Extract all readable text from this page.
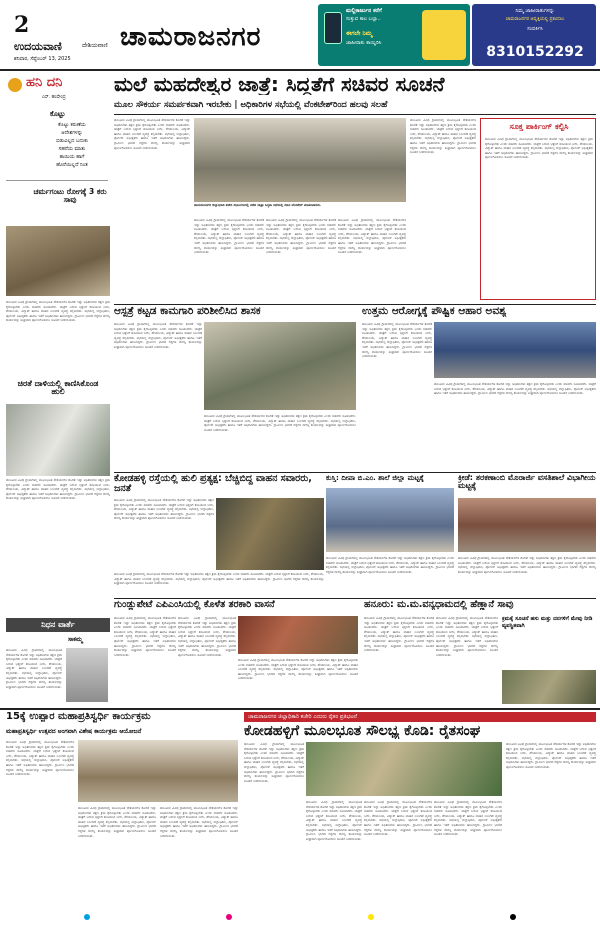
2
ಉದಯವಾಣಿ	ದೇಶಿಯವಾಣಿ
ಶನಿವಾರ, ಸೆಪ್ಟೆಂಬರ್ 13, 2025
ಚಾಮರಾಜನಗರ
ಮಲ್ಲಿಕಾರ್ಜುನ ಕರೆಗೆ
ಸುತ್ತುವ ಕಾಲ ಬಲ್ಲಾ..
ಈಗಲೇ ನಿಮ್ಮ
ಜಾಹೀರಾತು ಕಾಯ್ದಿರಿಸಿ
ನಿಮ್ಮ ಜಾಹೀರಾತುಗಳನ್ನು
ಚಾಮರಾಜನಗರ ಆವೃತ್ತಿಯಲ್ಲಿ ಪ್ರಕಟಿಸಲು
ಸಂಪರ್ಕಿಸಿ
8310152292
ಹನಿ ದನಿ
ಎಸ್. ಹಂಸೇಂದ್ರ
ಕೊಟ್ಟು
ಕೊಟ್ಟು ಕರುಣೆಯ
ಆದೇಶಗಳನ್ನು
ಬಿಡುವಿಲ್ಲದ ಬದುಕು
ಸಹನೆಯ ಮಾತು
ತಾಯಿಯ ಹಾಗೆ
ಹೊರೆಯಿಲ್ಲದೆ ನಿಂತ
ಚರ್ಮಗಂಟು ರೋಗಕ್ಕೆ 3 ಕರು ಸಾವು
ತಾಲೂಕಿನ ವಿವಿಧ ಗ್ರಾಮಗಳಲ್ಲಿ ಮೂಲಭೂತ ಸೌಕರ್ಯಗಳ ಕೊರತೆ ಇದ್ದು ಅಧಿಕಾರಿಗಳು ತಕ್ಷಣ ಕ್ರಮ ಕೈಗೊಳ್ಳಬೇಕು ಎಂದು ಸಚಿವರು ಸೂಚಿಸಿದರು. ಜಾತ್ರೆಗೆ ಬರುವ ಭಕ್ತರಿಗೆ ಕುಡಿಯುವ ನೀರು, ಶೌಚಾಲಯ, ವಿದ್ಯುತ್ ಹಾಗೂ ವಾಹನ ನಿಲುಗಡೆ ವ್ಯವಸ್ಥೆ ಕಲ್ಪಿಸಬೇಕು. ಸಭೆಯಲ್ಲಿ ಜಿಲ್ಲಾಧಿಕಾರಿ, ಪೊಲೀಸ್ ಅಧೀಕ್ಷಕರು ಹಾಗೂ ಇತರೆ ಅಧಿಕಾರಿಗಳು ಹಾಜರಿದ್ದರು. ಗ್ರಾಮೀಣ ಭಾಗದ ರಸ್ತೆಗಳ ದುರಸ್ತಿ ಕಾರ್ಯವನ್ನು ಶೀಘ್ರವಾಗಿ ಪೂರ್ಣಗೊಳಿಸಲು ಸೂಚನೆ ನೀಡಲಾಯಿತು.
ಚಿರತೆ ದಾಳಿಯಲ್ಲಿ ಕಾಣಿಸಿಕೊಂಡ ಹುಲಿ
ತಾಲೂಕಿನ ವಿವಿಧ ಗ್ರಾಮಗಳಲ್ಲಿ ಮೂಲಭೂತ ಸೌಕರ್ಯಗಳ ಕೊರತೆ ಇದ್ದು ಅಧಿಕಾರಿಗಳು ತಕ್ಷಣ ಕ್ರಮ ಕೈಗೊಳ್ಳಬೇಕು ಎಂದು ಸಚಿವರು ಸೂಚಿಸಿದರು. ಜಾತ್ರೆಗೆ ಬರುವ ಭಕ್ತರಿಗೆ ಕುಡಿಯುವ ನೀರು, ಶೌಚಾಲಯ, ವಿದ್ಯುತ್ ಹಾಗೂ ವಾಹನ ನಿಲುಗಡೆ ವ್ಯವಸ್ಥೆ ಕಲ್ಪಿಸಬೇಕು. ಸಭೆಯಲ್ಲಿ ಜಿಲ್ಲಾಧಿಕಾರಿ, ಪೊಲೀಸ್ ಅಧೀಕ್ಷಕರು ಹಾಗೂ ಇತರೆ ಅಧಿಕಾರಿಗಳು ಹಾಜರಿದ್ದರು. ಗ್ರಾಮೀಣ ಭಾಗದ ರಸ್ತೆಗಳ ದುರಸ್ತಿ ಕಾರ್ಯವನ್ನು ಶೀಘ್ರವಾಗಿ ಪೂರ್ಣಗೊಳಿಸಲು ಸೂಚನೆ ನೀಡಲಾಯಿತು.
ನಿಧನ ವಾರ್ತೆ
ಸಾಕಮ್ಮ
ತಾಲೂಕಿನ ವಿವಿಧ ಗ್ರಾಮಗಳಲ್ಲಿ ಮೂಲಭೂತ ಸೌಕರ್ಯಗಳ ಕೊರತೆ ಇದ್ದು ಅಧಿಕಾರಿಗಳು ತಕ್ಷಣ ಕ್ರಮ ಕೈಗೊಳ್ಳಬೇಕು ಎಂದು ಸಚಿವರು ಸೂಚಿಸಿದರು. ಜಾತ್ರೆಗೆ ಬರುವ ಭಕ್ತರಿಗೆ ಕುಡಿಯುವ ನೀರು, ಶೌಚಾಲಯ, ವಿದ್ಯುತ್ ಹಾಗೂ ವಾಹನ ನಿಲುಗಡೆ ವ್ಯವಸ್ಥೆ ಕಲ್ಪಿಸಬೇಕು. ಸಭೆಯಲ್ಲಿ ಜಿಲ್ಲಾಧಿಕಾರಿ, ಪೊಲೀಸ್ ಅಧೀಕ್ಷಕರು ಹಾಗೂ ಇತರೆ ಅಧಿಕಾರಿಗಳು ಹಾಜರಿದ್ದರು. ಗ್ರಾಮೀಣ ಭಾಗದ ರಸ್ತೆಗಳ ದುರಸ್ತಿ ಕಾರ್ಯವನ್ನು ಶೀಘ್ರವಾಗಿ ಪೂರ್ಣಗೊಳಿಸಲು ಸೂಚನೆ ನೀಡಲಾಯಿತು.
ಮಲೆ ಮಹದೇಶ್ವರ ಜಾತ್ರೆ: ಸಿದ್ಧತೆಗೆ ಸಚಿವರ ಸೂಚನೆ
ಮೂಲ ಸೌಕರ್ಯ ಸಮರ್ಪಕವಾಗಿ ಇರಬೇಕು | ಅಧಿಕಾರಿಗಳ ಸಭೆಯಲ್ಲಿ ವೆಂಕಟೇಶ್‌ರಿಂದ ಹಲವು ಸಲಹೆ
ತಾಲೂಕಿನ ವಿವಿಧ ಗ್ರಾಮಗಳಲ್ಲಿ ಮೂಲಭೂತ ಸೌಕರ್ಯಗಳ ಕೊರತೆ ಇದ್ದು ಅಧಿಕಾರಿಗಳು ತಕ್ಷಣ ಕ್ರಮ ಕೈಗೊಳ್ಳಬೇಕು ಎಂದು ಸಚಿವರು ಸೂಚಿಸಿದರು. ಜಾತ್ರೆಗೆ ಬರುವ ಭಕ್ತರಿಗೆ ಕುಡಿಯುವ ನೀರು, ಶೌಚಾಲಯ, ವಿದ್ಯುತ್ ಹಾಗೂ ವಾಹನ ನಿಲುಗಡೆ ವ್ಯವಸ್ಥೆ ಕಲ್ಪಿಸಬೇಕು. ಸಭೆಯಲ್ಲಿ ಜಿಲ್ಲಾಧಿಕಾರಿ, ಪೊಲೀಸ್ ಅಧೀಕ್ಷಕರು ಹಾಗೂ ಇತರೆ ಅಧಿಕಾರಿಗಳು ಹಾಜರಿದ್ದರು. ಗ್ರಾಮೀಣ ಭಾಗದ ರಸ್ತೆಗಳ ದುರಸ್ತಿ ಕಾರ್ಯವನ್ನು ಶೀಘ್ರವಾಗಿ ಪೂರ್ಣಗೊಳಿಸಲು ಸೂಚನೆ ನೀಡಲಾಯಿತು.
ಚಾಮರಾಜನಗರ ಜಿಲ್ಲಾಧಿಕಾರಿ ಕಚೇರಿ ಸಭಾಂಗಣದಲ್ಲಿ ನಡೆದ ಜಾತ್ರಾ ಸಿದ್ಧತಾ ಸಭೆಯಲ್ಲಿ ಸಚಿವ ವೆಂಕಟೇಶ್ ಮಾತನಾಡಿದರು.
ತಾಲೂಕಿನ ವಿವಿಧ ಗ್ರಾಮಗಳಲ್ಲಿ ಮೂಲಭೂತ ಸೌಕರ್ಯಗಳ ಕೊರತೆ ಇದ್ದು ಅಧಿಕಾರಿಗಳು ತಕ್ಷಣ ಕ್ರಮ ಕೈಗೊಳ್ಳಬೇಕು ಎಂದು ಸಚಿವರು ಸೂಚಿಸಿದರು. ಜಾತ್ರೆಗೆ ಬರುವ ಭಕ್ತರಿಗೆ ಕುಡಿಯುವ ನೀರು, ಶೌಚಾಲಯ, ವಿದ್ಯುತ್ ಹಾಗೂ ವಾಹನ ನಿಲುಗಡೆ ವ್ಯವಸ್ಥೆ ಕಲ್ಪಿಸಬೇಕು. ಸಭೆಯಲ್ಲಿ ಜಿಲ್ಲಾಧಿಕಾರಿ, ಪೊಲೀಸ್ ಅಧೀಕ್ಷಕರು ಹಾಗೂ ಇತರೆ ಅಧಿಕಾರಿಗಳು ಹಾಜರಿದ್ದರು. ಗ್ರಾಮೀಣ ಭಾಗದ ರಸ್ತೆಗಳ ದುರಸ್ತಿ ಕಾರ್ಯವನ್ನು ಶೀಘ್ರವಾಗಿ ಪೂರ್ಣಗೊಳಿಸಲು ಸೂಚನೆ ನೀಡಲಾಯಿತು.
ತಾಲೂಕಿನ ವಿವಿಧ ಗ್ರಾಮಗಳಲ್ಲಿ ಮೂಲಭೂತ ಸೌಕರ್ಯಗಳ ಕೊರತೆ ಇದ್ದು ಅಧಿಕಾರಿಗಳು ತಕ್ಷಣ ಕ್ರಮ ಕೈಗೊಳ್ಳಬೇಕು ಎಂದು ಸಚಿವರು ಸೂಚಿಸಿದರು. ಜಾತ್ರೆಗೆ ಬರುವ ಭಕ್ತರಿಗೆ ಕುಡಿಯುವ ನೀರು, ಶೌಚಾಲಯ, ವಿದ್ಯುತ್ ಹಾಗೂ ವಾಹನ ನಿಲುಗಡೆ ವ್ಯವಸ್ಥೆ ಕಲ್ಪಿಸಬೇಕು. ಸಭೆಯಲ್ಲಿ ಜಿಲ್ಲಾಧಿಕಾರಿ, ಪೊಲೀಸ್ ಅಧೀಕ್ಷಕರು ಹಾಗೂ ಇತರೆ ಅಧಿಕಾರಿಗಳು ಹಾಜರಿದ್ದರು. ಗ್ರಾಮೀಣ ಭಾಗದ ರಸ್ತೆಗಳ ದುರಸ್ತಿ ಕಾರ್ಯವನ್ನು ಶೀಘ್ರವಾಗಿ ಪೂರ್ಣಗೊಳಿಸಲು ಸೂಚನೆ ನೀಡಲಾಯಿತು.
ತಾಲೂಕಿನ ವಿವಿಧ ಗ್ರಾಮಗಳಲ್ಲಿ ಮೂಲಭೂತ ಸೌಕರ್ಯಗಳ ಕೊರತೆ ಇದ್ದು ಅಧಿಕಾರಿಗಳು ತಕ್ಷಣ ಕ್ರಮ ಕೈಗೊಳ್ಳಬೇಕು ಎಂದು ಸಚಿವರು ಸೂಚಿಸಿದರು. ಜಾತ್ರೆಗೆ ಬರುವ ಭಕ್ತರಿಗೆ ಕುಡಿಯುವ ನೀರು, ಶೌಚಾಲಯ, ವಿದ್ಯುತ್ ಹಾಗೂ ವಾಹನ ನಿಲುಗಡೆ ವ್ಯವಸ್ಥೆ ಕಲ್ಪಿಸಬೇಕು. ಸಭೆಯಲ್ಲಿ ಜಿಲ್ಲಾಧಿಕಾರಿ, ಪೊಲೀಸ್ ಅಧೀಕ್ಷಕರು ಹಾಗೂ ಇತರೆ ಅಧಿಕಾರಿಗಳು ಹಾಜರಿದ್ದರು. ಗ್ರಾಮೀಣ ಭಾಗದ ರಸ್ತೆಗಳ ದುರಸ್ತಿ ಕಾರ್ಯವನ್ನು ಶೀಘ್ರವಾಗಿ ಪೂರ್ಣಗೊಳಿಸಲು ಸೂಚನೆ ನೀಡಲಾಯಿತು.
ತಾಲೂಕಿನ ವಿವಿಧ ಗ್ರಾಮಗಳಲ್ಲಿ ಮೂಲಭೂತ ಸೌಕರ್ಯಗಳ ಕೊರತೆ ಇದ್ದು ಅಧಿಕಾರಿಗಳು ತಕ್ಷಣ ಕ್ರಮ ಕೈಗೊಳ್ಳಬೇಕು ಎಂದು ಸಚಿವರು ಸೂಚಿಸಿದರು. ಜಾತ್ರೆಗೆ ಬರುವ ಭಕ್ತರಿಗೆ ಕುಡಿಯುವ ನೀರು, ಶೌಚಾಲಯ, ವಿದ್ಯುತ್ ಹಾಗೂ ವಾಹನ ನಿಲುಗಡೆ ವ್ಯವಸ್ಥೆ ಕಲ್ಪಿಸಬೇಕು. ಸಭೆಯಲ್ಲಿ ಜಿಲ್ಲಾಧಿಕಾರಿ, ಪೊಲೀಸ್ ಅಧೀಕ್ಷಕರು ಹಾಗೂ ಇತರೆ ಅಧಿಕಾರಿಗಳು ಹಾಜರಿದ್ದರು. ಗ್ರಾಮೀಣ ಭಾಗದ ರಸ್ತೆಗಳ ದುರಸ್ತಿ ಕಾರ್ಯವನ್ನು ಶೀಘ್ರವಾಗಿ ಪೂರ್ಣಗೊಳಿಸಲು ಸೂಚನೆ ನೀಡಲಾಯಿತು.
ಸೂಕ್ತ ಪಾರ್ಕಿಂಗ್ ಕಲ್ಪಿಸಿ
ತಾಲೂಕಿನ ವಿವಿಧ ಗ್ರಾಮಗಳಲ್ಲಿ ಮೂಲಭೂತ ಸೌಕರ್ಯಗಳ ಕೊರತೆ ಇದ್ದು ಅಧಿಕಾರಿಗಳು ತಕ್ಷಣ ಕ್ರಮ ಕೈಗೊಳ್ಳಬೇಕು ಎಂದು ಸಚಿವರು ಸೂಚಿಸಿದರು. ಜಾತ್ರೆಗೆ ಬರುವ ಭಕ್ತರಿಗೆ ಕುಡಿಯುವ ನೀರು, ಶೌಚಾಲಯ, ವಿದ್ಯುತ್ ಹಾಗೂ ವಾಹನ ನಿಲುಗಡೆ ವ್ಯವಸ್ಥೆ ಕಲ್ಪಿಸಬೇಕು. ಸಭೆಯಲ್ಲಿ ಜಿಲ್ಲಾಧಿಕಾರಿ, ಪೊಲೀಸ್ ಅಧೀಕ್ಷಕರು ಹಾಗೂ ಇತರೆ ಅಧಿಕಾರಿಗಳು ಹಾಜರಿದ್ದರು. ಗ್ರಾಮೀಣ ಭಾಗದ ರಸ್ತೆಗಳ ದುರಸ್ತಿ ಕಾರ್ಯವನ್ನು ಶೀಘ್ರವಾಗಿ ಪೂರ್ಣಗೊಳಿಸಲು ಸೂಚನೆ ನೀಡಲಾಯಿತು.
ಆಸ್ಪತ್ರೆ ಕಟ್ಟಡ ಕಾಮಗಾರಿ ಪರಿಶೀಲಿಸಿದ ಶಾಸಕ	ಉತ್ತಮ ಆರೋಗ್ಯಕ್ಕೆ ಪೌಷ್ಟಿಕ ಆಹಾರ ಅವಶ್ಯ
ತಾಲೂಕಿನ ವಿವಿಧ ಗ್ರಾಮಗಳಲ್ಲಿ ಮೂಲಭೂತ ಸೌಕರ್ಯಗಳ ಕೊರತೆ ಇದ್ದು ಅಧಿಕಾರಿಗಳು ತಕ್ಷಣ ಕ್ರಮ ಕೈಗೊಳ್ಳಬೇಕು ಎಂದು ಸಚಿವರು ಸೂಚಿಸಿದರು. ಜಾತ್ರೆಗೆ ಬರುವ ಭಕ್ತರಿಗೆ ಕುಡಿಯುವ ನೀರು, ಶೌಚಾಲಯ, ವಿದ್ಯುತ್ ಹಾಗೂ ವಾಹನ ನಿಲುಗಡೆ ವ್ಯವಸ್ಥೆ ಕಲ್ಪಿಸಬೇಕು. ಸಭೆಯಲ್ಲಿ ಜಿಲ್ಲಾಧಿಕಾರಿ, ಪೊಲೀಸ್ ಅಧೀಕ್ಷಕರು ಹಾಗೂ ಇತರೆ ಅಧಿಕಾರಿಗಳು ಹಾಜರಿದ್ದರು. ಗ್ರಾಮೀಣ ಭಾಗದ ರಸ್ತೆಗಳ ದುರಸ್ತಿ ಕಾರ್ಯವನ್ನು ಶೀಘ್ರವಾಗಿ ಪೂರ್ಣಗೊಳಿಸಲು ಸೂಚನೆ ನೀಡಲಾಯಿತು.
ತಾಲೂಕಿನ ವಿವಿಧ ಗ್ರಾಮಗಳಲ್ಲಿ ಮೂಲಭೂತ ಸೌಕರ್ಯಗಳ ಕೊರತೆ ಇದ್ದು ಅಧಿಕಾರಿಗಳು ತಕ್ಷಣ ಕ್ರಮ ಕೈಗೊಳ್ಳಬೇಕು ಎಂದು ಸಚಿವರು ಸೂಚಿಸಿದರು. ಜಾತ್ರೆಗೆ ಬರುವ ಭಕ್ತರಿಗೆ ಕುಡಿಯುವ ನೀರು, ಶೌಚಾಲಯ, ವಿದ್ಯುತ್ ಹಾಗೂ ವಾಹನ ನಿಲುಗಡೆ ವ್ಯವಸ್ಥೆ ಕಲ್ಪಿಸಬೇಕು. ಸಭೆಯಲ್ಲಿ ಜಿಲ್ಲಾಧಿಕಾರಿ, ಪೊಲೀಸ್ ಅಧೀಕ್ಷಕರು ಹಾಗೂ ಇತರೆ ಅಧಿಕಾರಿಗಳು ಹಾಜರಿದ್ದರು. ಗ್ರಾಮೀಣ ಭಾಗದ ರಸ್ತೆಗಳ ದುರಸ್ತಿ ಕಾರ್ಯವನ್ನು ಶೀಘ್ರವಾಗಿ ಪೂರ್ಣಗೊಳಿಸಲು ಸೂಚನೆ ನೀಡಲಾಯಿತು.
ತಾಲೂಕಿನ ವಿವಿಧ ಗ್ರಾಮಗಳಲ್ಲಿ ಮೂಲಭೂತ ಸೌಕರ್ಯಗಳ ಕೊರತೆ ಇದ್ದು ಅಧಿಕಾರಿಗಳು ತಕ್ಷಣ ಕ್ರಮ ಕೈಗೊಳ್ಳಬೇಕು ಎಂದು ಸಚಿವರು ಸೂಚಿಸಿದರು. ಜಾತ್ರೆಗೆ ಬರುವ ಭಕ್ತರಿಗೆ ಕುಡಿಯುವ ನೀರು, ಶೌಚಾಲಯ, ವಿದ್ಯುತ್ ಹಾಗೂ ವಾಹನ ನಿಲುಗಡೆ ವ್ಯವಸ್ಥೆ ಕಲ್ಪಿಸಬೇಕು. ಸಭೆಯಲ್ಲಿ ಜಿಲ್ಲಾಧಿಕಾರಿ, ಪೊಲೀಸ್ ಅಧೀಕ್ಷಕರು ಹಾಗೂ ಇತರೆ ಅಧಿಕಾರಿಗಳು ಹಾಜರಿದ್ದರು. ಗ್ರಾಮೀಣ ಭಾಗದ ರಸ್ತೆಗಳ ದುರಸ್ತಿ ಕಾರ್ಯವನ್ನು ಶೀಘ್ರವಾಗಿ ಪೂರ್ಣಗೊಳಿಸಲು ಸೂಚನೆ ನೀಡಲಾಯಿತು.
ತಾಲೂಕಿನ ವಿವಿಧ ಗ್ರಾಮಗಳಲ್ಲಿ ಮೂಲಭೂತ ಸೌಕರ್ಯಗಳ ಕೊರತೆ ಇದ್ದು ಅಧಿಕಾರಿಗಳು ತಕ್ಷಣ ಕ್ರಮ ಕೈಗೊಳ್ಳಬೇಕು ಎಂದು ಸಚಿವರು ಸೂಚಿಸಿದರು. ಜಾತ್ರೆಗೆ ಬರುವ ಭಕ್ತರಿಗೆ ಕುಡಿಯುವ ನೀರು, ಶೌಚಾಲಯ, ವಿದ್ಯುತ್ ಹಾಗೂ ವಾಹನ ನಿಲುಗಡೆ ವ್ಯವಸ್ಥೆ ಕಲ್ಪಿಸಬೇಕು. ಸಭೆಯಲ್ಲಿ ಜಿಲ್ಲಾಧಿಕಾರಿ, ಪೊಲೀಸ್ ಅಧೀಕ್ಷಕರು ಹಾಗೂ ಇತರೆ ಅಧಿಕಾರಿಗಳು ಹಾಜರಿದ್ದರು. ಗ್ರಾಮೀಣ ಭಾಗದ ರಸ್ತೆಗಳ ದುರಸ್ತಿ ಕಾರ್ಯವನ್ನು ಶೀಘ್ರವಾಗಿ ಪೂರ್ಣಗೊಳಿಸಲು ಸೂಚನೆ ನೀಡಲಾಯಿತು.
ಕೋಡಹಳ್ಳಿ ರಸ್ತೆಯಲ್ಲಿ ಹುಲಿ ಪ್ರತ್ಯಕ್ಷ: ಬೆಚ್ಚಿಬಿದ್ದ ವಾಹನ ಸವಾರರು, ಜನತೆ
ತಾಲೂಕಿನ ವಿವಿಧ ಗ್ರಾಮಗಳಲ್ಲಿ ಮೂಲಭೂತ ಸೌಕರ್ಯಗಳ ಕೊರತೆ ಇದ್ದು ಅಧಿಕಾರಿಗಳು ತಕ್ಷಣ ಕ್ರಮ ಕೈಗೊಳ್ಳಬೇಕು ಎಂದು ಸಚಿವರು ಸೂಚಿಸಿದರು. ಜಾತ್ರೆಗೆ ಬರುವ ಭಕ್ತರಿಗೆ ಕುಡಿಯುವ ನೀರು, ಶೌಚಾಲಯ, ವಿದ್ಯುತ್ ಹಾಗೂ ವಾಹನ ನಿಲುಗಡೆ ವ್ಯವಸ್ಥೆ ಕಲ್ಪಿಸಬೇಕು. ಸಭೆಯಲ್ಲಿ ಜಿಲ್ಲಾಧಿಕಾರಿ, ಪೊಲೀಸ್ ಅಧೀಕ್ಷಕರು ಹಾಗೂ ಇತರೆ ಅಧಿಕಾರಿಗಳು ಹಾಜರಿದ್ದರು. ಗ್ರಾಮೀಣ ಭಾಗದ ರಸ್ತೆಗಳ ದುರಸ್ತಿ ಕಾರ್ಯವನ್ನು ಶೀಘ್ರವಾಗಿ ಪೂರ್ಣಗೊಳಿಸಲು ಸೂಚನೆ ನೀಡಲಾಯಿತು.
ಕುಸ್ತಿ: ದೀಪಾ ಬಿ.ಎಂ. ಶಾಲೆ ಜಿಲ್ಲಾ ಮಟ್ಟಕ್ಕೆ	ಕ್ರೀಡೆ: ತರಕಣಾಂಬಿ ಮೊರಾರ್ಜಿ ವಸತಿಶಾಲೆ ವಿಭಾಗೀಯ ಮಟ್ಟಕ್ಕೆ
ತಾಲೂಕಿನ ವಿವಿಧ ಗ್ರಾಮಗಳಲ್ಲಿ ಮೂಲಭೂತ ಸೌಕರ್ಯಗಳ ಕೊರತೆ ಇದ್ದು ಅಧಿಕಾರಿಗಳು ತಕ್ಷಣ ಕ್ರಮ ಕೈಗೊಳ್ಳಬೇಕು ಎಂದು ಸಚಿವರು ಸೂಚಿಸಿದರು. ಜಾತ್ರೆಗೆ ಬರುವ ಭಕ್ತರಿಗೆ ಕುಡಿಯುವ ನೀರು, ಶೌಚಾಲಯ, ವಿದ್ಯುತ್ ಹಾಗೂ ವಾಹನ ನಿಲುಗಡೆ ವ್ಯವಸ್ಥೆ ಕಲ್ಪಿಸಬೇಕು. ಸಭೆಯಲ್ಲಿ ಜಿಲ್ಲಾಧಿಕಾರಿ, ಪೊಲೀಸ್ ಅಧೀಕ್ಷಕರು ಹಾಗೂ ಇತರೆ ಅಧಿಕಾರಿಗಳು ಹಾಜರಿದ್ದರು. ಗ್ರಾಮೀಣ ಭಾಗದ ರಸ್ತೆಗಳ ದುರಸ್ತಿ ಕಾರ್ಯವನ್ನು ಶೀಘ್ರವಾಗಿ ಪೂರ್ಣಗೊಳಿಸಲು ಸೂಚನೆ ನೀಡಲಾಯಿತು.
ತಾಲೂಕಿನ ವಿವಿಧ ಗ್ರಾಮಗಳಲ್ಲಿ ಮೂಲಭೂತ ಸೌಕರ್ಯಗಳ ಕೊರತೆ ಇದ್ದು ಅಧಿಕಾರಿಗಳು ತಕ್ಷಣ ಕ್ರಮ ಕೈಗೊಳ್ಳಬೇಕು ಎಂದು ಸಚಿವರು ಸೂಚಿಸಿದರು. ಜಾತ್ರೆಗೆ ಬರುವ ಭಕ್ತರಿಗೆ ಕುಡಿಯುವ ನೀರು, ಶೌಚಾಲಯ, ವಿದ್ಯುತ್ ಹಾಗೂ ವಾಹನ ನಿಲುಗಡೆ ವ್ಯವಸ್ಥೆ ಕಲ್ಪಿಸಬೇಕು. ಸಭೆಯಲ್ಲಿ ಜಿಲ್ಲಾಧಿಕಾರಿ, ಪೊಲೀಸ್ ಅಧೀಕ್ಷಕರು ಹಾಗೂ ಇತರೆ ಅಧಿಕಾರಿಗಳು ಹಾಜರಿದ್ದರು. ಗ್ರಾಮೀಣ ಭಾಗದ ರಸ್ತೆಗಳ ದುರಸ್ತಿ ಕಾರ್ಯವನ್ನು ಶೀಘ್ರವಾಗಿ ಪೂರ್ಣಗೊಳಿಸಲು ಸೂಚನೆ ನೀಡಲಾಯಿತು.
ತಾಲೂಕಿನ ವಿವಿಧ ಗ್ರಾಮಗಳಲ್ಲಿ ಮೂಲಭೂತ ಸೌಕರ್ಯಗಳ ಕೊರತೆ ಇದ್ದು ಅಧಿಕಾರಿಗಳು ತಕ್ಷಣ ಕ್ರಮ ಕೈಗೊಳ್ಳಬೇಕು ಎಂದು ಸಚಿವರು ಸೂಚಿಸಿದರು. ಜಾತ್ರೆಗೆ ಬರುವ ಭಕ್ತರಿಗೆ ಕುಡಿಯುವ ನೀರು, ಶೌಚಾಲಯ, ವಿದ್ಯುತ್ ಹಾಗೂ ವಾಹನ ನಿಲುಗಡೆ ವ್ಯವಸ್ಥೆ ಕಲ್ಪಿಸಬೇಕು. ಸಭೆಯಲ್ಲಿ ಜಿಲ್ಲಾಧಿಕಾರಿ, ಪೊಲೀಸ್ ಅಧೀಕ್ಷಕರು ಹಾಗೂ ಇತರೆ ಅಧಿಕಾರಿಗಳು ಹಾಜರಿದ್ದರು. ಗ್ರಾಮೀಣ ಭಾಗದ ರಸ್ತೆಗಳ ದುರಸ್ತಿ ಕಾರ್ಯವನ್ನು ಶೀಘ್ರವಾಗಿ ಪೂರ್ಣಗೊಳಿಸಲು ಸೂಚನೆ ನೀಡಲಾಯಿತು.
ಗುಂಡ್ಲುಪೇಟೆ ಎಪಿಎಂಸಿಯಲ್ಲಿ ಕೊಳೆತ ತರಕಾರಿ ವಾಸನೆ	ಹನೂರು: ಮ.ಮ.ವನ್ಯಧಾಮದಲ್ಲಿ ಹೆಣ್ಣಾನೆ ಸಾವು
ತಾಲೂಕಿನ ವಿವಿಧ ಗ್ರಾಮಗಳಲ್ಲಿ ಮೂಲಭೂತ ಸೌಕರ್ಯಗಳ ಕೊರತೆ ಇದ್ದು ಅಧಿಕಾರಿಗಳು ತಕ್ಷಣ ಕ್ರಮ ಕೈಗೊಳ್ಳಬೇಕು ಎಂದು ಸಚಿವರು ಸೂಚಿಸಿದರು. ಜಾತ್ರೆಗೆ ಬರುವ ಭಕ್ತರಿಗೆ ಕುಡಿಯುವ ನೀರು, ಶೌಚಾಲಯ, ವಿದ್ಯುತ್ ಹಾಗೂ ವಾಹನ ನಿಲುಗಡೆ ವ್ಯವಸ್ಥೆ ಕಲ್ಪಿಸಬೇಕು. ಸಭೆಯಲ್ಲಿ ಜಿಲ್ಲಾಧಿಕಾರಿ, ಪೊಲೀಸ್ ಅಧೀಕ್ಷಕರು ಹಾಗೂ ಇತರೆ ಅಧಿಕಾರಿಗಳು ಹಾಜರಿದ್ದರು. ಗ್ರಾಮೀಣ ಭಾಗದ ರಸ್ತೆಗಳ ದುರಸ್ತಿ ಕಾರ್ಯವನ್ನು ಶೀಘ್ರವಾಗಿ ಪೂರ್ಣಗೊಳಿಸಲು ಸೂಚನೆ ನೀಡಲಾಯಿತು.
ತಾಲೂಕಿನ ವಿವಿಧ ಗ್ರಾಮಗಳಲ್ಲಿ ಮೂಲಭೂತ ಸೌಕರ್ಯಗಳ ಕೊರತೆ ಇದ್ದು ಅಧಿಕಾರಿಗಳು ತಕ್ಷಣ ಕ್ರಮ ಕೈಗೊಳ್ಳಬೇಕು ಎಂದು ಸಚಿವರು ಸೂಚಿಸಿದರು. ಜಾತ್ರೆಗೆ ಬರುವ ಭಕ್ತರಿಗೆ ಕುಡಿಯುವ ನೀರು, ಶೌಚಾಲಯ, ವಿದ್ಯುತ್ ಹಾಗೂ ವಾಹನ ನಿಲುಗಡೆ ವ್ಯವಸ್ಥೆ ಕಲ್ಪಿಸಬೇಕು. ಸಭೆಯಲ್ಲಿ ಜಿಲ್ಲಾಧಿಕಾರಿ, ಪೊಲೀಸ್ ಅಧೀಕ್ಷಕರು ಹಾಗೂ ಇತರೆ ಅಧಿಕಾರಿಗಳು ಹಾಜರಿದ್ದರು. ಗ್ರಾಮೀಣ ಭಾಗದ ರಸ್ತೆಗಳ ದುರಸ್ತಿ ಕಾರ್ಯವನ್ನು ಶೀಘ್ರವಾಗಿ ಪೂರ್ಣಗೊಳಿಸಲು ಸೂಚನೆ ನೀಡಲಾಯಿತು.
ತಾಲೂಕಿನ ವಿವಿಧ ಗ್ರಾಮಗಳಲ್ಲಿ ಮೂಲಭೂತ ಸೌಕರ್ಯಗಳ ಕೊರತೆ ಇದ್ದು ಅಧಿಕಾರಿಗಳು ತಕ್ಷಣ ಕ್ರಮ ಕೈಗೊಳ್ಳಬೇಕು ಎಂದು ಸಚಿವರು ಸೂಚಿಸಿದರು. ಜಾತ್ರೆಗೆ ಬರುವ ಭಕ್ತರಿಗೆ ಕುಡಿಯುವ ನೀರು, ಶೌಚಾಲಯ, ವಿದ್ಯುತ್ ಹಾಗೂ ವಾಹನ ನಿಲುಗಡೆ ವ್ಯವಸ್ಥೆ ಕಲ್ಪಿಸಬೇಕು. ಸಭೆಯಲ್ಲಿ ಜಿಲ್ಲಾಧಿಕಾರಿ, ಪೊಲೀಸ್ ಅಧೀಕ್ಷಕರು ಹಾಗೂ ಇತರೆ ಅಧಿಕಾರಿಗಳು ಹಾಜರಿದ್ದರು. ಗ್ರಾಮೀಣ ಭಾಗದ ರಸ್ತೆಗಳ ದುರಸ್ತಿ ಕಾರ್ಯವನ್ನು ಶೀಘ್ರವಾಗಿ ಪೂರ್ಣಗೊಳಿಸಲು ಸೂಚನೆ ನೀಡಲಾಯಿತು.
ತಾಲೂಕಿನ ವಿವಿಧ ಗ್ರಾಮಗಳಲ್ಲಿ ಮೂಲಭೂತ ಸೌಕರ್ಯಗಳ ಕೊರತೆ ಇದ್ದು ಅಧಿಕಾರಿಗಳು ತಕ್ಷಣ ಕ್ರಮ ಕೈಗೊಳ್ಳಬೇಕು ಎಂದು ಸಚಿವರು ಸೂಚಿಸಿದರು. ಜಾತ್ರೆಗೆ ಬರುವ ಭಕ್ತರಿಗೆ ಕುಡಿಯುವ ನೀರು, ಶೌಚಾಲಯ, ವಿದ್ಯುತ್ ಹಾಗೂ ವಾಹನ ನಿಲುಗಡೆ ವ್ಯವಸ್ಥೆ ಕಲ್ಪಿಸಬೇಕು. ಸಭೆಯಲ್ಲಿ ಜಿಲ್ಲಾಧಿಕಾರಿ, ಪೊಲೀಸ್ ಅಧೀಕ್ಷಕರು ಹಾಗೂ ಇತರೆ ಅಧಿಕಾರಿಗಳು ಹಾಜರಿದ್ದರು. ಗ್ರಾಮೀಣ ಭಾಗದ ರಸ್ತೆಗಳ ದುರಸ್ತಿ ಕಾರ್ಯವನ್ನು ಶೀಘ್ರವಾಗಿ ಪೂರ್ಣಗೊಳಿಸಲು ಸೂಚನೆ ನೀಡಲಾಯಿತು.
ತಾಲೂಕಿನ ವಿವಿಧ ಗ್ರಾಮಗಳಲ್ಲಿ ಮೂಲಭೂತ ಸೌಕರ್ಯಗಳ ಕೊರತೆ ಇದ್ದು ಅಧಿಕಾರಿಗಳು ತಕ್ಷಣ ಕ್ರಮ ಕೈಗೊಳ್ಳಬೇಕು ಎಂದು ಸಚಿವರು ಸೂಚಿಸಿದರು. ಜಾತ್ರೆಗೆ ಬರುವ ಭಕ್ತರಿಗೆ ಕುಡಿಯುವ ನೀರು, ಶೌಚಾಲಯ, ವಿದ್ಯುತ್ ಹಾಗೂ ವಾಹನ ನಿಲುಗಡೆ ವ್ಯವಸ್ಥೆ ಕಲ್ಪಿಸಬೇಕು. ಸಭೆಯಲ್ಲಿ ಜಿಲ್ಲಾಧಿಕಾರಿ, ಪೊಲೀಸ್ ಅಧೀಕ್ಷಕರು ಹಾಗೂ ಇತರೆ ಅಧಿಕಾರಿಗಳು ಹಾಜರಿದ್ದರು. ಗ್ರಾಮೀಣ ಭಾಗದ ರಸ್ತೆಗಳ ದುರಸ್ತಿ ಕಾರ್ಯವನ್ನು ಶೀಘ್ರವಾಗಿ ಪೂರ್ಣಗೊಳಿಸಲು ಸೂಚನೆ ನೀಡಲಾಯಿತು.
ಕ್ರಮಕ್ಕೆ ಸೂಚನೆ ಹಸು ಮತ್ತು ದನಗಳಿಗೆ ಮೇವು ನೀಡಿ ವ್ಯವಸ್ಥಿತವಾಗಿ
15ಕ್ಕೆ ಉಪ್ಪಾರ ಮಹಾಪ್ರತಿಸ್ವರ್ಧಿ ಕಾರ್ಯಕ್ರಮ
ಮಹಾಪ್ರತಿಸ್ವರ್ಧಿ ಉತ್ಸವದ ಅಂಗವಾಗಿ ವಿಶೇಷ ಕಾರ್ಯಕ್ರಮ ಆಯೋಜನೆ
ಚಾಮರಾಜನಗರ ಜಿಲ್ಲಾಧಿಕಾರಿ ಕಚೇರಿ ಎದುರು ರೈತರ ಪ್ರತಿಭಟನೆ
ಕೋಡಹಳ್ಳಿಗೆ ಮೂಲಭೂತ ಸೌಲಭ್ಯ ಕೊಡಿ: ರೈತಸಂಘ
ತಾಲೂಕಿನ ವಿವಿಧ ಗ್ರಾಮಗಳಲ್ಲಿ ಮೂಲಭೂತ ಸೌಕರ್ಯಗಳ ಕೊರತೆ ಇದ್ದು ಅಧಿಕಾರಿಗಳು ತಕ್ಷಣ ಕ್ರಮ ಕೈಗೊಳ್ಳಬೇಕು ಎಂದು ಸಚಿವರು ಸೂಚಿಸಿದರು. ಜಾತ್ರೆಗೆ ಬರುವ ಭಕ್ತರಿಗೆ ಕುಡಿಯುವ ನೀರು, ಶೌಚಾಲಯ, ವಿದ್ಯುತ್ ಹಾಗೂ ವಾಹನ ನಿಲುಗಡೆ ವ್ಯವಸ್ಥೆ ಕಲ್ಪಿಸಬೇಕು. ಸಭೆಯಲ್ಲಿ ಜಿಲ್ಲಾಧಿಕಾರಿ, ಪೊಲೀಸ್ ಅಧೀಕ್ಷಕರು ಹಾಗೂ ಇತರೆ ಅಧಿಕಾರಿಗಳು ಹಾಜರಿದ್ದರು. ಗ್ರಾಮೀಣ ಭಾಗದ ರಸ್ತೆಗಳ ದುರಸ್ತಿ ಕಾರ್ಯವನ್ನು ಶೀಘ್ರವಾಗಿ ಪೂರ್ಣಗೊಳಿಸಲು ಸೂಚನೆ ನೀಡಲಾಯಿತು.
ತಾಲೂಕಿನ ವಿವಿಧ ಗ್ರಾಮಗಳಲ್ಲಿ ಮೂಲಭೂತ ಸೌಕರ್ಯಗಳ ಕೊರತೆ ಇದ್ದು ಅಧಿಕಾರಿಗಳು ತಕ್ಷಣ ಕ್ರಮ ಕೈಗೊಳ್ಳಬೇಕು ಎಂದು ಸಚಿವರು ಸೂಚಿಸಿದರು. ಜಾತ್ರೆಗೆ ಬರುವ ಭಕ್ತರಿಗೆ ಕುಡಿಯುವ ನೀರು, ಶೌಚಾಲಯ, ವಿದ್ಯುತ್ ಹಾಗೂ ವಾಹನ ನಿಲುಗಡೆ ವ್ಯವಸ್ಥೆ ಕಲ್ಪಿಸಬೇಕು. ಸಭೆಯಲ್ಲಿ ಜಿಲ್ಲಾಧಿಕಾರಿ, ಪೊಲೀಸ್ ಅಧೀಕ್ಷಕರು ಹಾಗೂ ಇತರೆ ಅಧಿಕಾರಿಗಳು ಹಾಜರಿದ್ದರು. ಗ್ರಾಮೀಣ ಭಾಗದ ರಸ್ತೆಗಳ ದುರಸ್ತಿ ಕಾರ್ಯವನ್ನು ಶೀಘ್ರವಾಗಿ ಪೂರ್ಣಗೊಳಿಸಲು ಸೂಚನೆ ನೀಡಲಾಯಿತು.
ತಾಲೂಕಿನ ವಿವಿಧ ಗ್ರಾಮಗಳಲ್ಲಿ ಮೂಲಭೂತ ಸೌಕರ್ಯಗಳ ಕೊರತೆ ಇದ್ದು ಅಧಿಕಾರಿಗಳು ತಕ್ಷಣ ಕ್ರಮ ಕೈಗೊಳ್ಳಬೇಕು ಎಂದು ಸಚಿವರು ಸೂಚಿಸಿದರು. ಜಾತ್ರೆಗೆ ಬರುವ ಭಕ್ತರಿಗೆ ಕುಡಿಯುವ ನೀರು, ಶೌಚಾಲಯ, ವಿದ್ಯುತ್ ಹಾಗೂ ವಾಹನ ನಿಲುಗಡೆ ವ್ಯವಸ್ಥೆ ಕಲ್ಪಿಸಬೇಕು. ಸಭೆಯಲ್ಲಿ ಜಿಲ್ಲಾಧಿಕಾರಿ, ಪೊಲೀಸ್ ಅಧೀಕ್ಷಕರು ಹಾಗೂ ಇತರೆ ಅಧಿಕಾರಿಗಳು ಹಾಜರಿದ್ದರು. ಗ್ರಾಮೀಣ ಭಾಗದ ರಸ್ತೆಗಳ ದುರಸ್ತಿ ಕಾರ್ಯವನ್ನು ಶೀಘ್ರವಾಗಿ ಪೂರ್ಣಗೊಳಿಸಲು ಸೂಚನೆ ನೀಡಲಾಯಿತು.
ತಾಲೂಕಿನ ವಿವಿಧ ಗ್ರಾಮಗಳಲ್ಲಿ ಮೂಲಭೂತ ಸೌಕರ್ಯಗಳ ಕೊರತೆ ಇದ್ದು ಅಧಿಕಾರಿಗಳು ತಕ್ಷಣ ಕ್ರಮ ಕೈಗೊಳ್ಳಬೇಕು ಎಂದು ಸಚಿವರು ಸೂಚಿಸಿದರು. ಜಾತ್ರೆಗೆ ಬರುವ ಭಕ್ತರಿಗೆ ಕುಡಿಯುವ ನೀರು, ಶೌಚಾಲಯ, ವಿದ್ಯುತ್ ಹಾಗೂ ವಾಹನ ನಿಲುಗಡೆ ವ್ಯವಸ್ಥೆ ಕಲ್ಪಿಸಬೇಕು. ಸಭೆಯಲ್ಲಿ ಜಿಲ್ಲಾಧಿಕಾರಿ, ಪೊಲೀಸ್ ಅಧೀಕ್ಷಕರು ಹಾಗೂ ಇತರೆ ಅಧಿಕಾರಿಗಳು ಹಾಜರಿದ್ದರು. ಗ್ರಾಮೀಣ ಭಾಗದ ರಸ್ತೆಗಳ ದುರಸ್ತಿ ಕಾರ್ಯವನ್ನು ಶೀಘ್ರವಾಗಿ ಪೂರ್ಣಗೊಳಿಸಲು ಸೂಚನೆ ನೀಡಲಾಯಿತು.
ತಾಲೂಕಿನ ವಿವಿಧ ಗ್ರಾಮಗಳಲ್ಲಿ ಮೂಲಭೂತ ಸೌಕರ್ಯಗಳ ಕೊರತೆ ಇದ್ದು ಅಧಿಕಾರಿಗಳು ತಕ್ಷಣ ಕ್ರಮ ಕೈಗೊಳ್ಳಬೇಕು ಎಂದು ಸಚಿವರು ಸೂಚಿಸಿದರು. ಜಾತ್ರೆಗೆ ಬರುವ ಭಕ್ತರಿಗೆ ಕುಡಿಯುವ ನೀರು, ಶೌಚಾಲಯ, ವಿದ್ಯುತ್ ಹಾಗೂ ವಾಹನ ನಿಲುಗಡೆ ವ್ಯವಸ್ಥೆ ಕಲ್ಪಿಸಬೇಕು. ಸಭೆಯಲ್ಲಿ ಜಿಲ್ಲಾಧಿಕಾರಿ, ಪೊಲೀಸ್ ಅಧೀಕ್ಷಕರು ಹಾಗೂ ಇತರೆ ಅಧಿಕಾರಿಗಳು ಹಾಜರಿದ್ದರು. ಗ್ರಾಮೀಣ ಭಾಗದ ರಸ್ತೆಗಳ ದುರಸ್ತಿ ಕಾರ್ಯವನ್ನು ಶೀಘ್ರವಾಗಿ ಪೂರ್ಣಗೊಳಿಸಲು ಸೂಚನೆ ನೀಡಲಾಯಿತು.
ತಾಲೂಕಿನ ವಿವಿಧ ಗ್ರಾಮಗಳಲ್ಲಿ ಮೂಲಭೂತ ಸೌಕರ್ಯಗಳ ಕೊರತೆ ಇದ್ದು ಅಧಿಕಾರಿಗಳು ತಕ್ಷಣ ಕ್ರಮ ಕೈಗೊಳ್ಳಬೇಕು ಎಂದು ಸಚಿವರು ಸೂಚಿಸಿದರು. ಜಾತ್ರೆಗೆ ಬರುವ ಭಕ್ತರಿಗೆ ಕುಡಿಯುವ ನೀರು, ಶೌಚಾಲಯ, ವಿದ್ಯುತ್ ಹಾಗೂ ವಾಹನ ನಿಲುಗಡೆ ವ್ಯವಸ್ಥೆ ಕಲ್ಪಿಸಬೇಕು. ಸಭೆಯಲ್ಲಿ ಜಿಲ್ಲಾಧಿಕಾರಿ, ಪೊಲೀಸ್ ಅಧೀಕ್ಷಕರು ಹಾಗೂ ಇತರೆ ಅಧಿಕಾರಿಗಳು ಹಾಜರಿದ್ದರು. ಗ್ರಾಮೀಣ ಭಾಗದ ರಸ್ತೆಗಳ ದುರಸ್ತಿ ಕಾರ್ಯವನ್ನು ಶೀಘ್ರವಾಗಿ ಪೂರ್ಣಗೊಳಿಸಲು ಸೂಚನೆ ನೀಡಲಾಯಿತು.
ತಾಲೂಕಿನ ವಿವಿಧ ಗ್ರಾಮಗಳಲ್ಲಿ ಮೂಲಭೂತ ಸೌಕರ್ಯಗಳ ಕೊರತೆ ಇದ್ದು ಅಧಿಕಾರಿಗಳು ತಕ್ಷಣ ಕ್ರಮ ಕೈಗೊಳ್ಳಬೇಕು ಎಂದು ಸಚಿವರು ಸೂಚಿಸಿದರು. ಜಾತ್ರೆಗೆ ಬರುವ ಭಕ್ತರಿಗೆ ಕುಡಿಯುವ ನೀರು, ಶೌಚಾಲಯ, ವಿದ್ಯುತ್ ಹಾಗೂ ವಾಹನ ನಿಲುಗಡೆ ವ್ಯವಸ್ಥೆ ಕಲ್ಪಿಸಬೇಕು. ಸಭೆಯಲ್ಲಿ ಜಿಲ್ಲಾಧಿಕಾರಿ, ಪೊಲೀಸ್ ಅಧೀಕ್ಷಕರು ಹಾಗೂ ಇತರೆ ಅಧಿಕಾರಿಗಳು ಹಾಜರಿದ್ದರು. ಗ್ರಾಮೀಣ ಭಾಗದ ರಸ್ತೆಗಳ ದುರಸ್ತಿ ಕಾರ್ಯವನ್ನು ಶೀಘ್ರವಾಗಿ ಪೂರ್ಣಗೊಳಿಸಲು ಸೂಚನೆ ನೀಡಲಾಯಿತು.
ತಾಲೂಕಿನ ವಿವಿಧ ಗ್ರಾಮಗಳಲ್ಲಿ ಮೂಲಭೂತ ಸೌಕರ್ಯಗಳ ಕೊರತೆ ಇದ್ದು ಅಧಿಕಾರಿಗಳು ತಕ್ಷಣ ಕ್ರಮ ಕೈಗೊಳ್ಳಬೇಕು ಎಂದು ಸಚಿವರು ಸೂಚಿಸಿದರು. ಜಾತ್ರೆಗೆ ಬರುವ ಭಕ್ತರಿಗೆ ಕುಡಿಯುವ ನೀರು, ಶೌಚಾಲಯ, ವಿದ್ಯುತ್ ಹಾಗೂ ವಾಹನ ನಿಲುಗಡೆ ವ್ಯವಸ್ಥೆ ಕಲ್ಪಿಸಬೇಕು. ಸಭೆಯಲ್ಲಿ ಜಿಲ್ಲಾಧಿಕಾರಿ, ಪೊಲೀಸ್ ಅಧೀಕ್ಷಕರು ಹಾಗೂ ಇತರೆ ಅಧಿಕಾರಿಗಳು ಹಾಜರಿದ್ದರು. ಗ್ರಾಮೀಣ ಭಾಗದ ರಸ್ತೆಗಳ ದುರಸ್ತಿ ಕಾರ್ಯವನ್ನು ಶೀಘ್ರವಾಗಿ ಪೂರ್ಣಗೊಳಿಸಲು ಸೂಚನೆ ನೀಡಲಾಯಿತು.
